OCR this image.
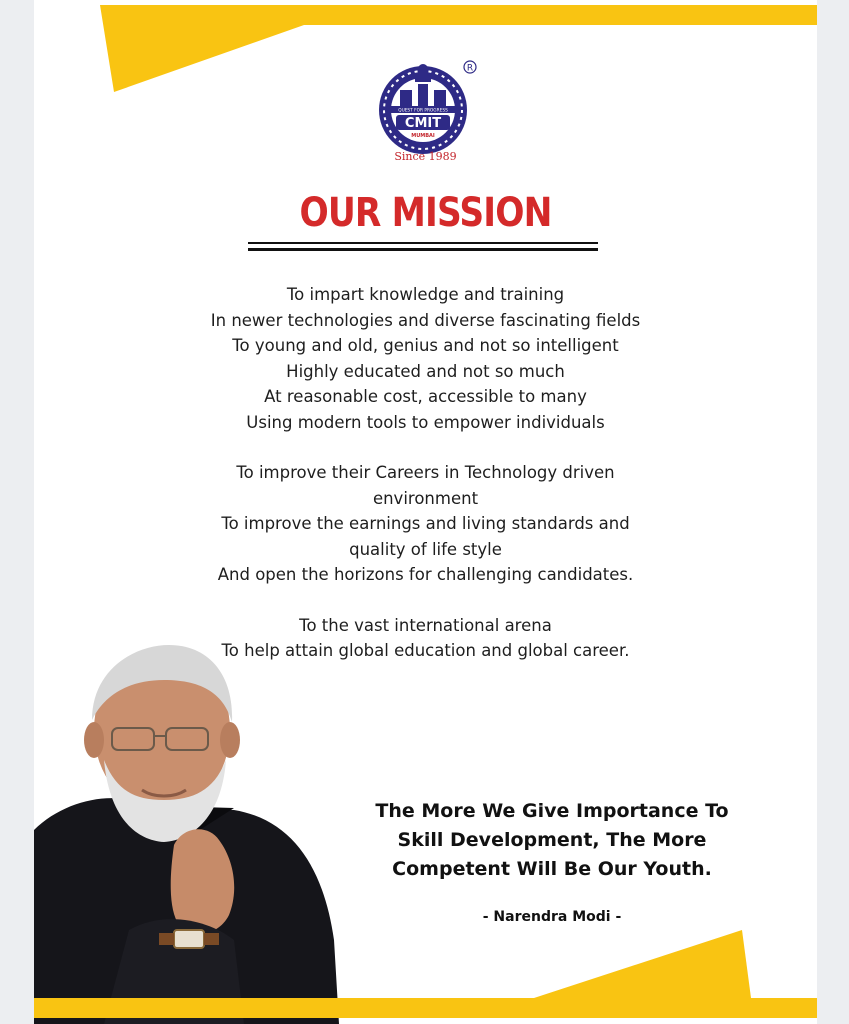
QUEST FOR PROGRESS
CMIT
MUMBAI
R
Since 1989
OUR MISSION
To impart knowledge and training
In newer technologies and diverse fascinating fields
To young and old, genius and not so intelligent
Highly educated and not so much
At reasonable cost, accessible to many
Using modern tools to empower individuals
To improve their Careers in Technology driven
environment
To improve the earnings and living standards and
quality of life style
And open the horizons for challenging candidates.
To the vast international arena
To help attain global education and global career.
The More We Give Importance To
Skill Development, The More
Competent Will Be Our Youth.
- Narendra Modi -
